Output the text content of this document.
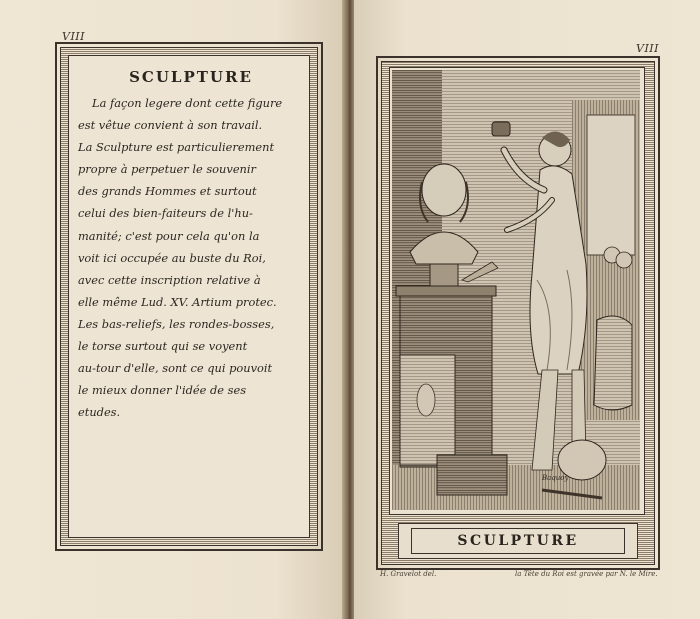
VIII
SCULPTURE

La façon legere dont cette figure
est vêtue convient à son travail.
La Sculpture est particulierement
propre à perpetuer le souvenir
des grands Hommes et surtout
celui des bien-faiteurs de l'hu-
manité; c'est pour cela qu'on la
voit ici occupée au buste du Roi,
avec cette inscription relative à
elle même Lud. XV. Artium protec.
Les bas-reliefs, les rondes-bosses,
le torse surtout qui se voyent
au-tour d'elle, sont ce qui pouvoit
le mieux donner l'idée de ses
etudes.

VIII
Baquoy
SCULPTURE
H. Gravelot del.	la Tête du Roi est gravée par N. le Mire.
